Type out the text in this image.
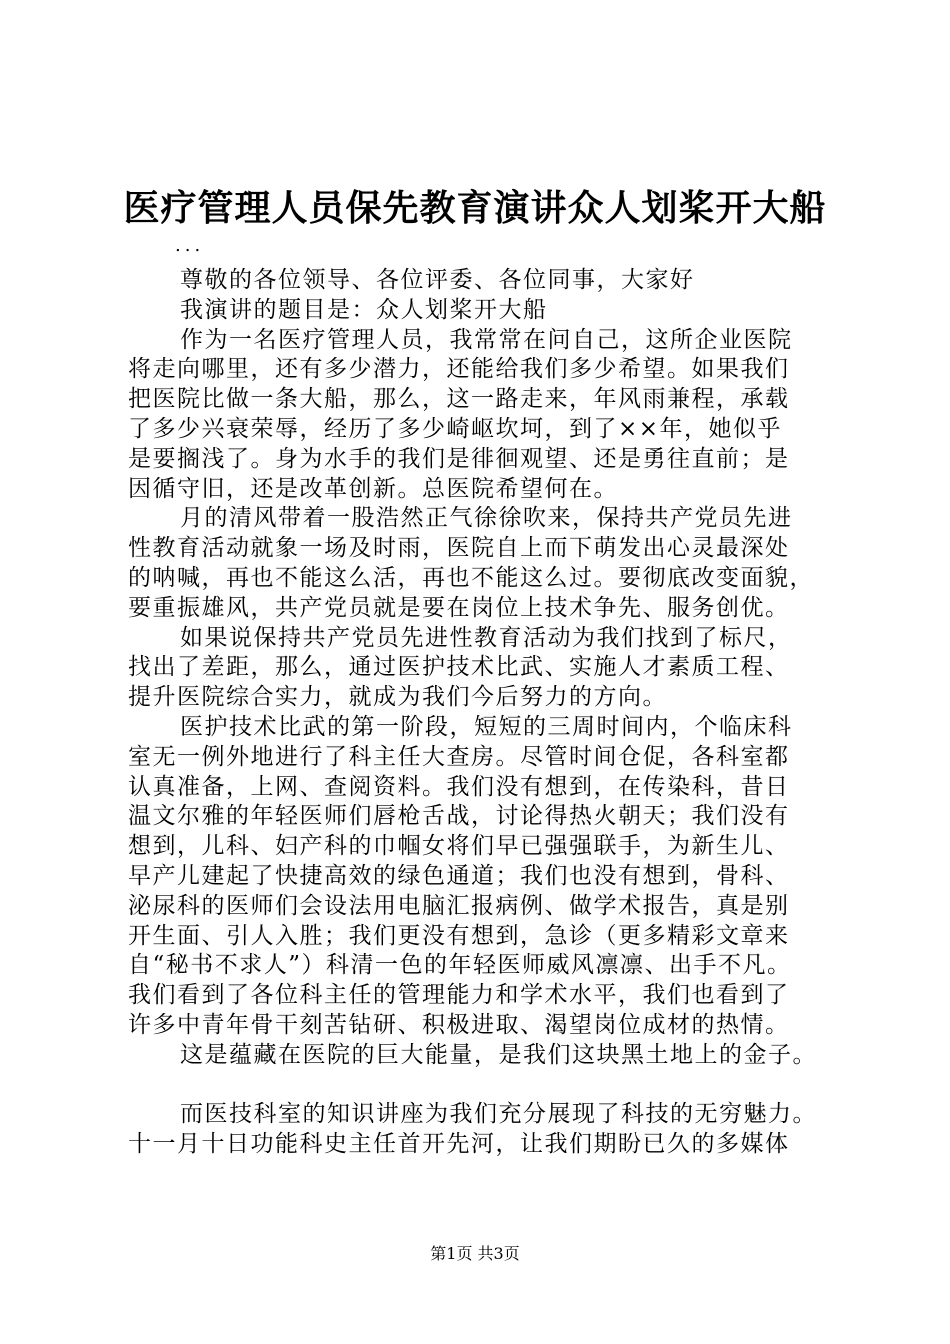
医疗管理人员保先教育演讲众人划桨开大船
...
尊敬的各位领导、各位评委、各位同事，大家好
我演讲的题目是：众人划桨开大船
作为一名医疗管理人员，我常常在问自己，这所企业医院
将走向哪里，还有多少潜力，还能给我们多少希望。如果我们
把医院比做一条大船，那么，这一路走来，年风雨兼程，承载
了多少兴衰荣辱，经历了多少崎岖坎坷，到了××年，她似乎
是要搁浅了。身为水手的我们是徘徊观望、还是勇往直前；是
因循守旧，还是改革创新。总医院希望何在。
月的清风带着一股浩然正气徐徐吹来，保持共产党员先进
性教育活动就象一场及时雨，医院自上而下萌发出心灵最深处
的呐喊，再也不能这么活，再也不能这么过。要彻底改变面貌，
要重振雄风，共产党员就是要在岗位上技术争先、服务创优。
如果说保持共产党员先进性教育活动为我们找到了标尺，
找出了差距，那么，通过医护技术比武、实施人才素质工程、
提升医院综合实力，就成为我们今后努力的方向。
医护技术比武的第一阶段，短短的三周时间内，个临床科
室无一例外地进行了科主任大查房。尽管时间仓促，各科室都
认真准备，上网、查阅资料。我们没有想到，在传染科，昔日
温文尔雅的年轻医师们唇枪舌战，讨论得热火朝天；我们没有
想到，儿科、妇产科的巾帼女将们早已强强联手，为新生儿、
早产儿建起了快捷高效的绿色通道；我们也没有想到，骨科、
泌尿科的医师们会设法用电脑汇报病例、做学术报告，真是别
开生面、引人入胜；我们更没有想到，急诊（更多精彩文章来
自“秘书不求人”）科清一色的年轻医师威风凛凛、出手不凡。
我们看到了各位科主任的管理能力和学术水平，我们也看到了
许多中青年骨干刻苦钻研、积极进取、渴望岗位成材的热情。
这是蕴藏在医院的巨大能量，是我们这块黑土地上的金子。
而医技科室的知识讲座为我们充分展现了科技的无穷魅力。
十一月十日功能科史主任首开先河，让我们期盼已久的多媒体
第1页 共3页
